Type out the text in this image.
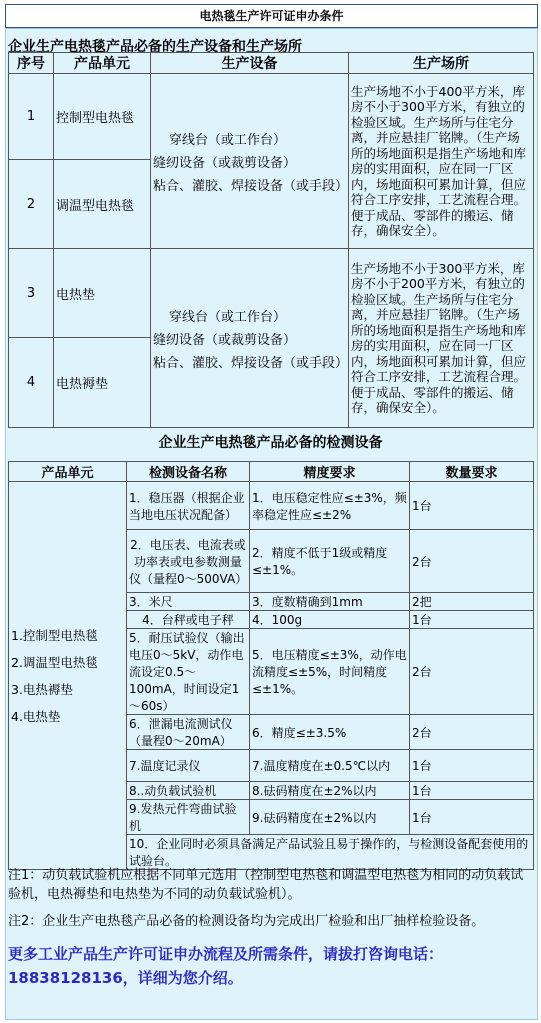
电热毯生产许可证申办条件
企业生产电热毯产品必备的生产设备和生产场所
序号	产品单元	生产设备	生产场所
1	控制型电热毯	穿线台（或工作台）
缝纫设备（或裁剪设备）
粘合、灌胶、焊接设备（或手段）	生产场地不小于400平方米，库房不小于300平方米，有独立的检验区域。生产场所与住宅分离，并应悬挂厂铭牌。（生产场所的场地面积是指生产场地和库房的实用面积，应在同一厂区内，场地面积可累加计算，但应符合工序安排，工艺流程合理。便于成品、零部件的搬运、储存，确保安全）。
2	调温型电热毯		
3	电热垫	穿线台（或工作台）
缝纫设备（或裁剪设备）
粘合、灌胶、焊接设备（或手段）	生产场地不小于300平方米，库房不小于200平方米，有独立的检验区域。生产场所与住宅分离，并应悬挂厂铭牌。（生产场所的场地面积是指生产场地和库房的实用面积，应在同一厂区内，场地面积可累加计算，但应符合工序安排，工艺流程合理。便于成品、零部件的搬运、储存，确保安全）。
4	电热褥垫		
企业生产电热毯产品必备的检测设备
产品单元	检测设备名称	精度要求	数量要求

1.控制型电热毯
2.调温型电热毯
3.电热褥垫
4.电热垫	1．稳压器（根据企业当地电压状况配备）	1．电压稳定性应≤±3%，频率稳定性应≤±2%	1台
	2．电压表、电流表或功率表或电参数测量仪（量程0～500VA）	2．精度不低于1级或精度≤±1%。	2台
	3．米尺	3．度数精确到1mm	2把
	4．台秤或电子秤	4．100g	1台
	5．耐压试验仪（输出电压0～5kV，动作电流设定0.5～100mA，时间设定1～60s）	5．电压精度≤±3%，动作电流精度≤±5%，时间精度≤±1%。	2台
	6．泄漏电流测试仪（量程0～20mA）	6．精度≤±3.5%	2台
	7.温度记录仪	7.温度精度在±0.5℃以内	1台
	8..动负载试验机	8.砝码精度在±2%以内	1台
	9.发热元件弯曲试验机	9.砝码精度在±2%以内	1台
	10．企业同时必须具备满足产品试验且易于操作的，与检测设备配套使用的试验台。		
注1：动负载试验机应根据不同单元选用（控制型电热毯和调温型电热毯为相同的动负载试验机，电热褥垫和电热垫为不同的动负载试验机）。
注2：企业生产电热毯产品必备的检测设备均为完成出厂检验和出厂抽样检验设备。
更多工业产品生产许可证申办流程及所需条件，请拔打咨询电话：18838128136，详细为您介绍。
